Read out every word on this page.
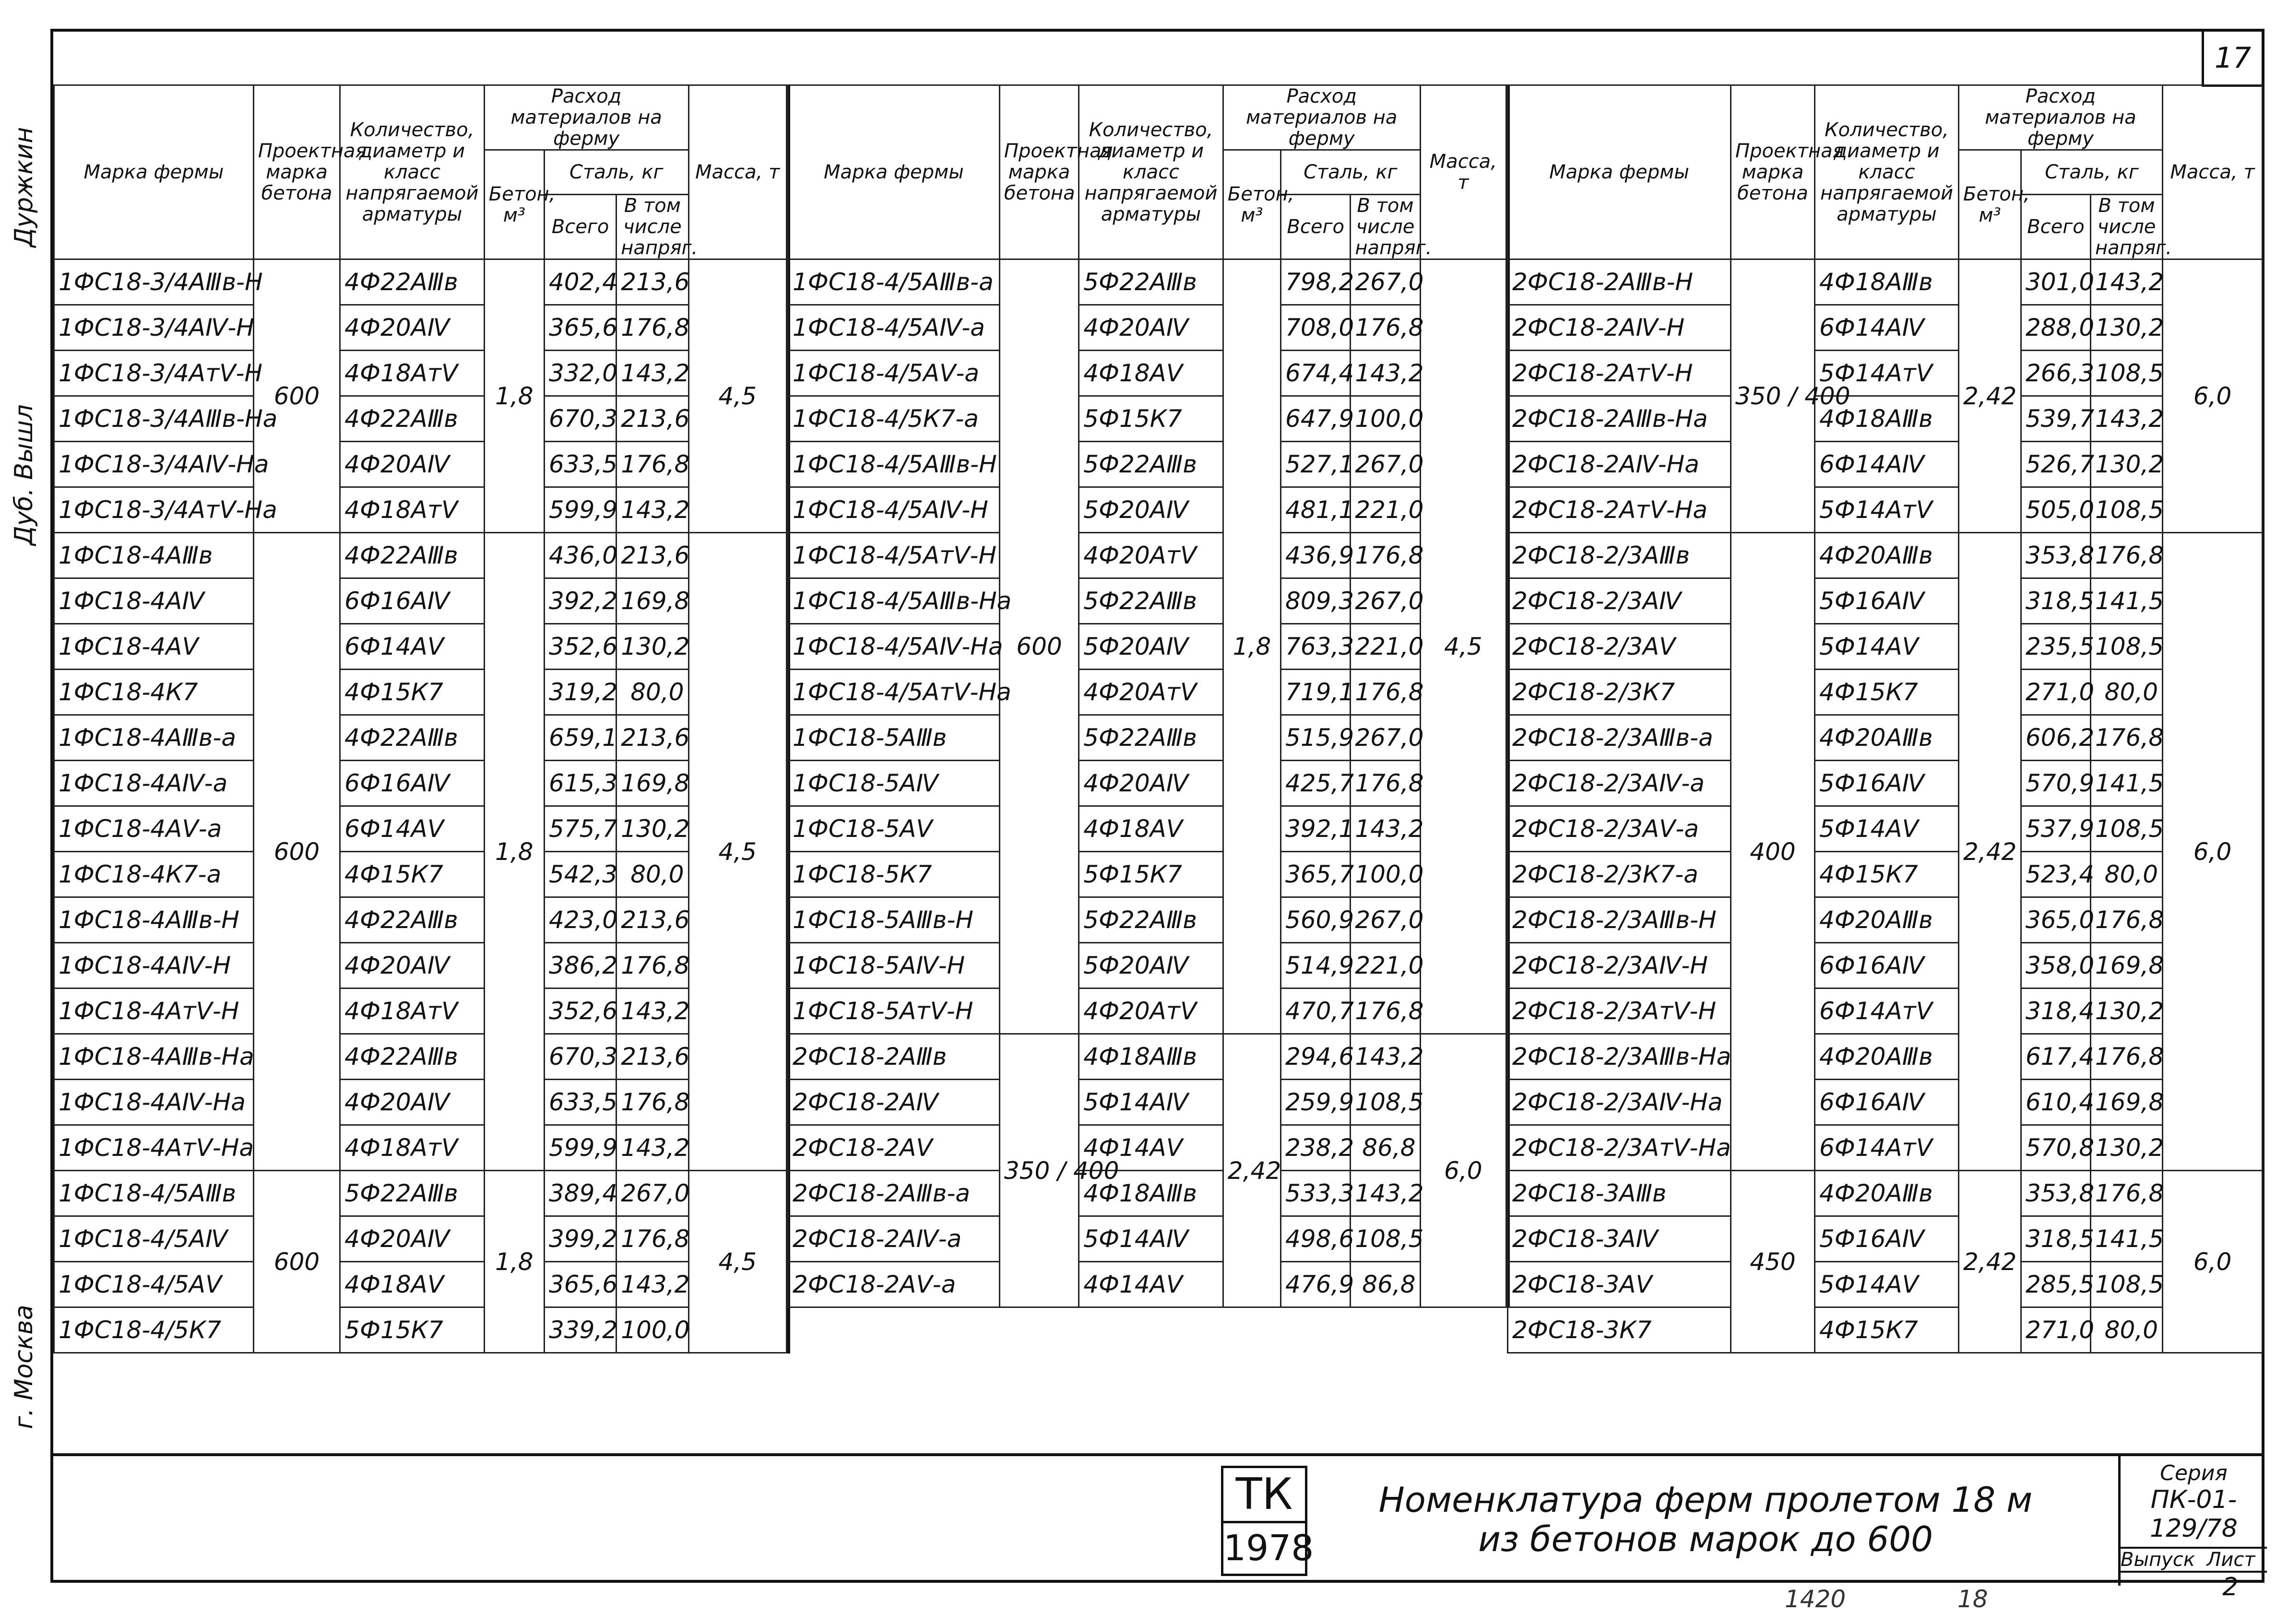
г. Москва
Дуб. Вышл
Дуржкин
17
Марка фермы	Проектная марка бетона	Количество, диаметр и класс напрягаемой арматуры	Расход материалов на ферму			Масса, т
			Бетон, м³	Сталь, кг		
				Всего	В том числе напряг.	
1ФС18-3/4АⅢв-Н	600	4Ф22АⅢв	1,8	402,4	213,6	4,5
1ФС18-3/4АⅣ-Н		4Ф20АⅣ		365,6	176,8	
1ФС18-3/4АтⅤ-Н		4Ф18АтⅤ		332,0	143,2	
1ФС18-3/4АⅢв-На		4Ф22АⅢв		670,3	213,6	
1ФС18-3/4АⅣ-На		4Ф20АⅣ		633,5	176,8	
1ФС18-3/4АтⅤ-На		4Ф18АтⅤ		599,9	143,2	
1ФС18-4АⅢв	600	4Ф22АⅢв	1,8	436,0	213,6	4,5
1ФС18-4АⅣ		6Ф16АⅣ		392,2	169,8	
1ФС18-4АⅤ		6Ф14АⅤ		352,6	130,2	
1ФС18-4К7		4Ф15К7		319,2	80,0	
1ФС18-4АⅢв-а		4Ф22АⅢв		659,1	213,6	
1ФС18-4АⅣ-а		6Ф16АⅣ		615,3	169,8	
1ФС18-4АⅤ-а		6Ф14АⅤ		575,7	130,2	
1ФС18-4К7-а		4Ф15К7		542,3	80,0	
1ФС18-4АⅢв-Н		4Ф22АⅢв		423,0	213,6	
1ФС18-4АⅣ-Н		4Ф20АⅣ		386,2	176,8	
1ФС18-4АтⅤ-Н		4Ф18АтⅤ		352,6	143,2	
1ФС18-4АⅢв-На		4Ф22АⅢв		670,3	213,6	
1ФС18-4АⅣ-На		4Ф20АⅣ		633,5	176,8	
1ФС18-4АтⅤ-На		4Ф18АтⅤ		599,9	143,2	
1ФС18-4/5АⅢв	600	5Ф22АⅢв	1,8	389,4	267,0	4,5
1ФС18-4/5АⅣ		4Ф20АⅣ		399,2	176,8	
1ФС18-4/5АⅤ		4Ф18АⅤ		365,6	143,2	
1ФС18-4/5К7		5Ф15К7		339,2	100,0	
Марка фермы	Проектная марка бетона	Количество, диаметр и класс напрягаемой арматуры	Расход материалов на ферму			Масса, т
			Бетон, м³	Сталь, кг		
				Всего	В том числе напряг.	
1ФС18-4/5АⅢв-а	600	5Ф22АⅢв	1,8	798,2	267,0	4,5
1ФС18-4/5АⅣ-а		4Ф20АⅣ		708,0	176,8	
1ФС18-4/5АⅤ-а		4Ф18АⅤ		674,4	143,2	
1ФС18-4/5К7-а		5Ф15К7		647,9	100,0	
1ФС18-4/5АⅢв-Н		5Ф22АⅢв		527,1	267,0	
1ФС18-4/5АⅣ-Н		5Ф20АⅣ		481,1	221,0	
1ФС18-4/5АтⅤ-Н		4Ф20АтⅤ		436,9	176,8	
1ФС18-4/5АⅢв-На		5Ф22АⅢв		809,3	267,0	
1ФС18-4/5АⅣ-На		5Ф20АⅣ		763,3	221,0	
1ФС18-4/5АтⅤ-На		4Ф20АтⅤ		719,1	176,8	
1ФС18-5АⅢв		5Ф22АⅢв		515,9	267,0	
1ФС18-5АⅣ		4Ф20АⅣ		425,7	176,8	
1ФС18-5АⅤ		4Ф18АⅤ		392,1	143,2	
1ФС18-5К7		5Ф15К7		365,7	100,0	
1ФС18-5АⅢв-Н		5Ф22АⅢв		560,9	267,0	
1ФС18-5АⅣ-Н		5Ф20АⅣ		514,9	221,0	
1ФС18-5АтⅤ-Н		4Ф20АтⅤ		470,7	176,8	
2ФС18-2АⅢв	350 / 400	4Ф18АⅢв	2,42	294,6	143,2	6,0
2ФС18-2АⅣ		5Ф14АⅣ		259,9	108,5	
2ФС18-2АⅤ		4Ф14АⅤ		238,2	86,8	
2ФС18-2АⅢв-а		4Ф18АⅢв		533,3	143,2	
2ФС18-2АⅣ-а		5Ф14АⅣ		498,6	108,5	
2ФС18-2АⅤ-а		4Ф14АⅤ		476,9	86,8	
Марка фермы	Проектная марка бетона	Количество, диаметр и класс напрягаемой арматуры	Расход материалов на ферму			Масса, т
			Бетон, м³	Сталь, кг		
				Всего	В том числе напряг.	
2ФС18-2АⅢв-Н	350 / 400	4Ф18АⅢв	2,42	301,0	143,2	6,0
2ФС18-2АⅣ-Н		6Ф14АⅣ		288,0	130,2	
2ФС18-2АтⅤ-Н		5Ф14АтⅤ		266,3	108,5	
2ФС18-2АⅢв-На		4Ф18АⅢв		539,7	143,2	
2ФС18-2АⅣ-На		6Ф14АⅣ		526,7	130,2	
2ФС18-2АтⅤ-На		5Ф14АтⅤ		505,0	108,5	
2ФС18-2/3АⅢв	400	4Ф20АⅢв	2,42	353,8	176,8	6,0
2ФС18-2/3АⅣ		5Ф16АⅣ		318,5	141,5	
2ФС18-2/3АⅤ		5Ф14АⅤ		235,5	108,5	
2ФС18-2/3К7		4Ф15К7		271,0	80,0	
2ФС18-2/3АⅢв-а		4Ф20АⅢв		606,2	176,8	
2ФС18-2/3АⅣ-а		5Ф16АⅣ		570,9	141,5	
2ФС18-2/3АⅤ-а		5Ф14АⅤ		537,9	108,5	
2ФС18-2/3К7-а		4Ф15К7		523,4	80,0	
2ФС18-2/3АⅢв-Н		4Ф20АⅢв		365,0	176,8	
2ФС18-2/3АⅣ-Н		6Ф16АⅣ		358,0	169,8	
2ФС18-2/3АтⅤ-Н		6Ф14АтⅤ		318,4	130,2	
2ФС18-2/3АⅢв-На		4Ф20АⅢв		617,4	176,8	
2ФС18-2/3АⅣ-На		6Ф16АⅣ		610,4	169,8	
2ФС18-2/3АтⅤ-На		6Ф14АтⅤ		570,8	130,2	
2ФС18-3АⅢв	450	4Ф20АⅢв	2,42	353,8	176,8	6,0
2ФС18-3АⅣ		5Ф16АⅣ		318,5	141,5	
2ФС18-3АⅤ		5Ф14АⅤ		285,5	108,5	
2ФС18-3К7		4Ф15К7		271,0	80,0	
ТК
1978
Номенклатура ферм пролетом 18 м
из бетонов марок до 600
Серия
ПК-01-129/78
Выпуск Лист
2
1420	18
